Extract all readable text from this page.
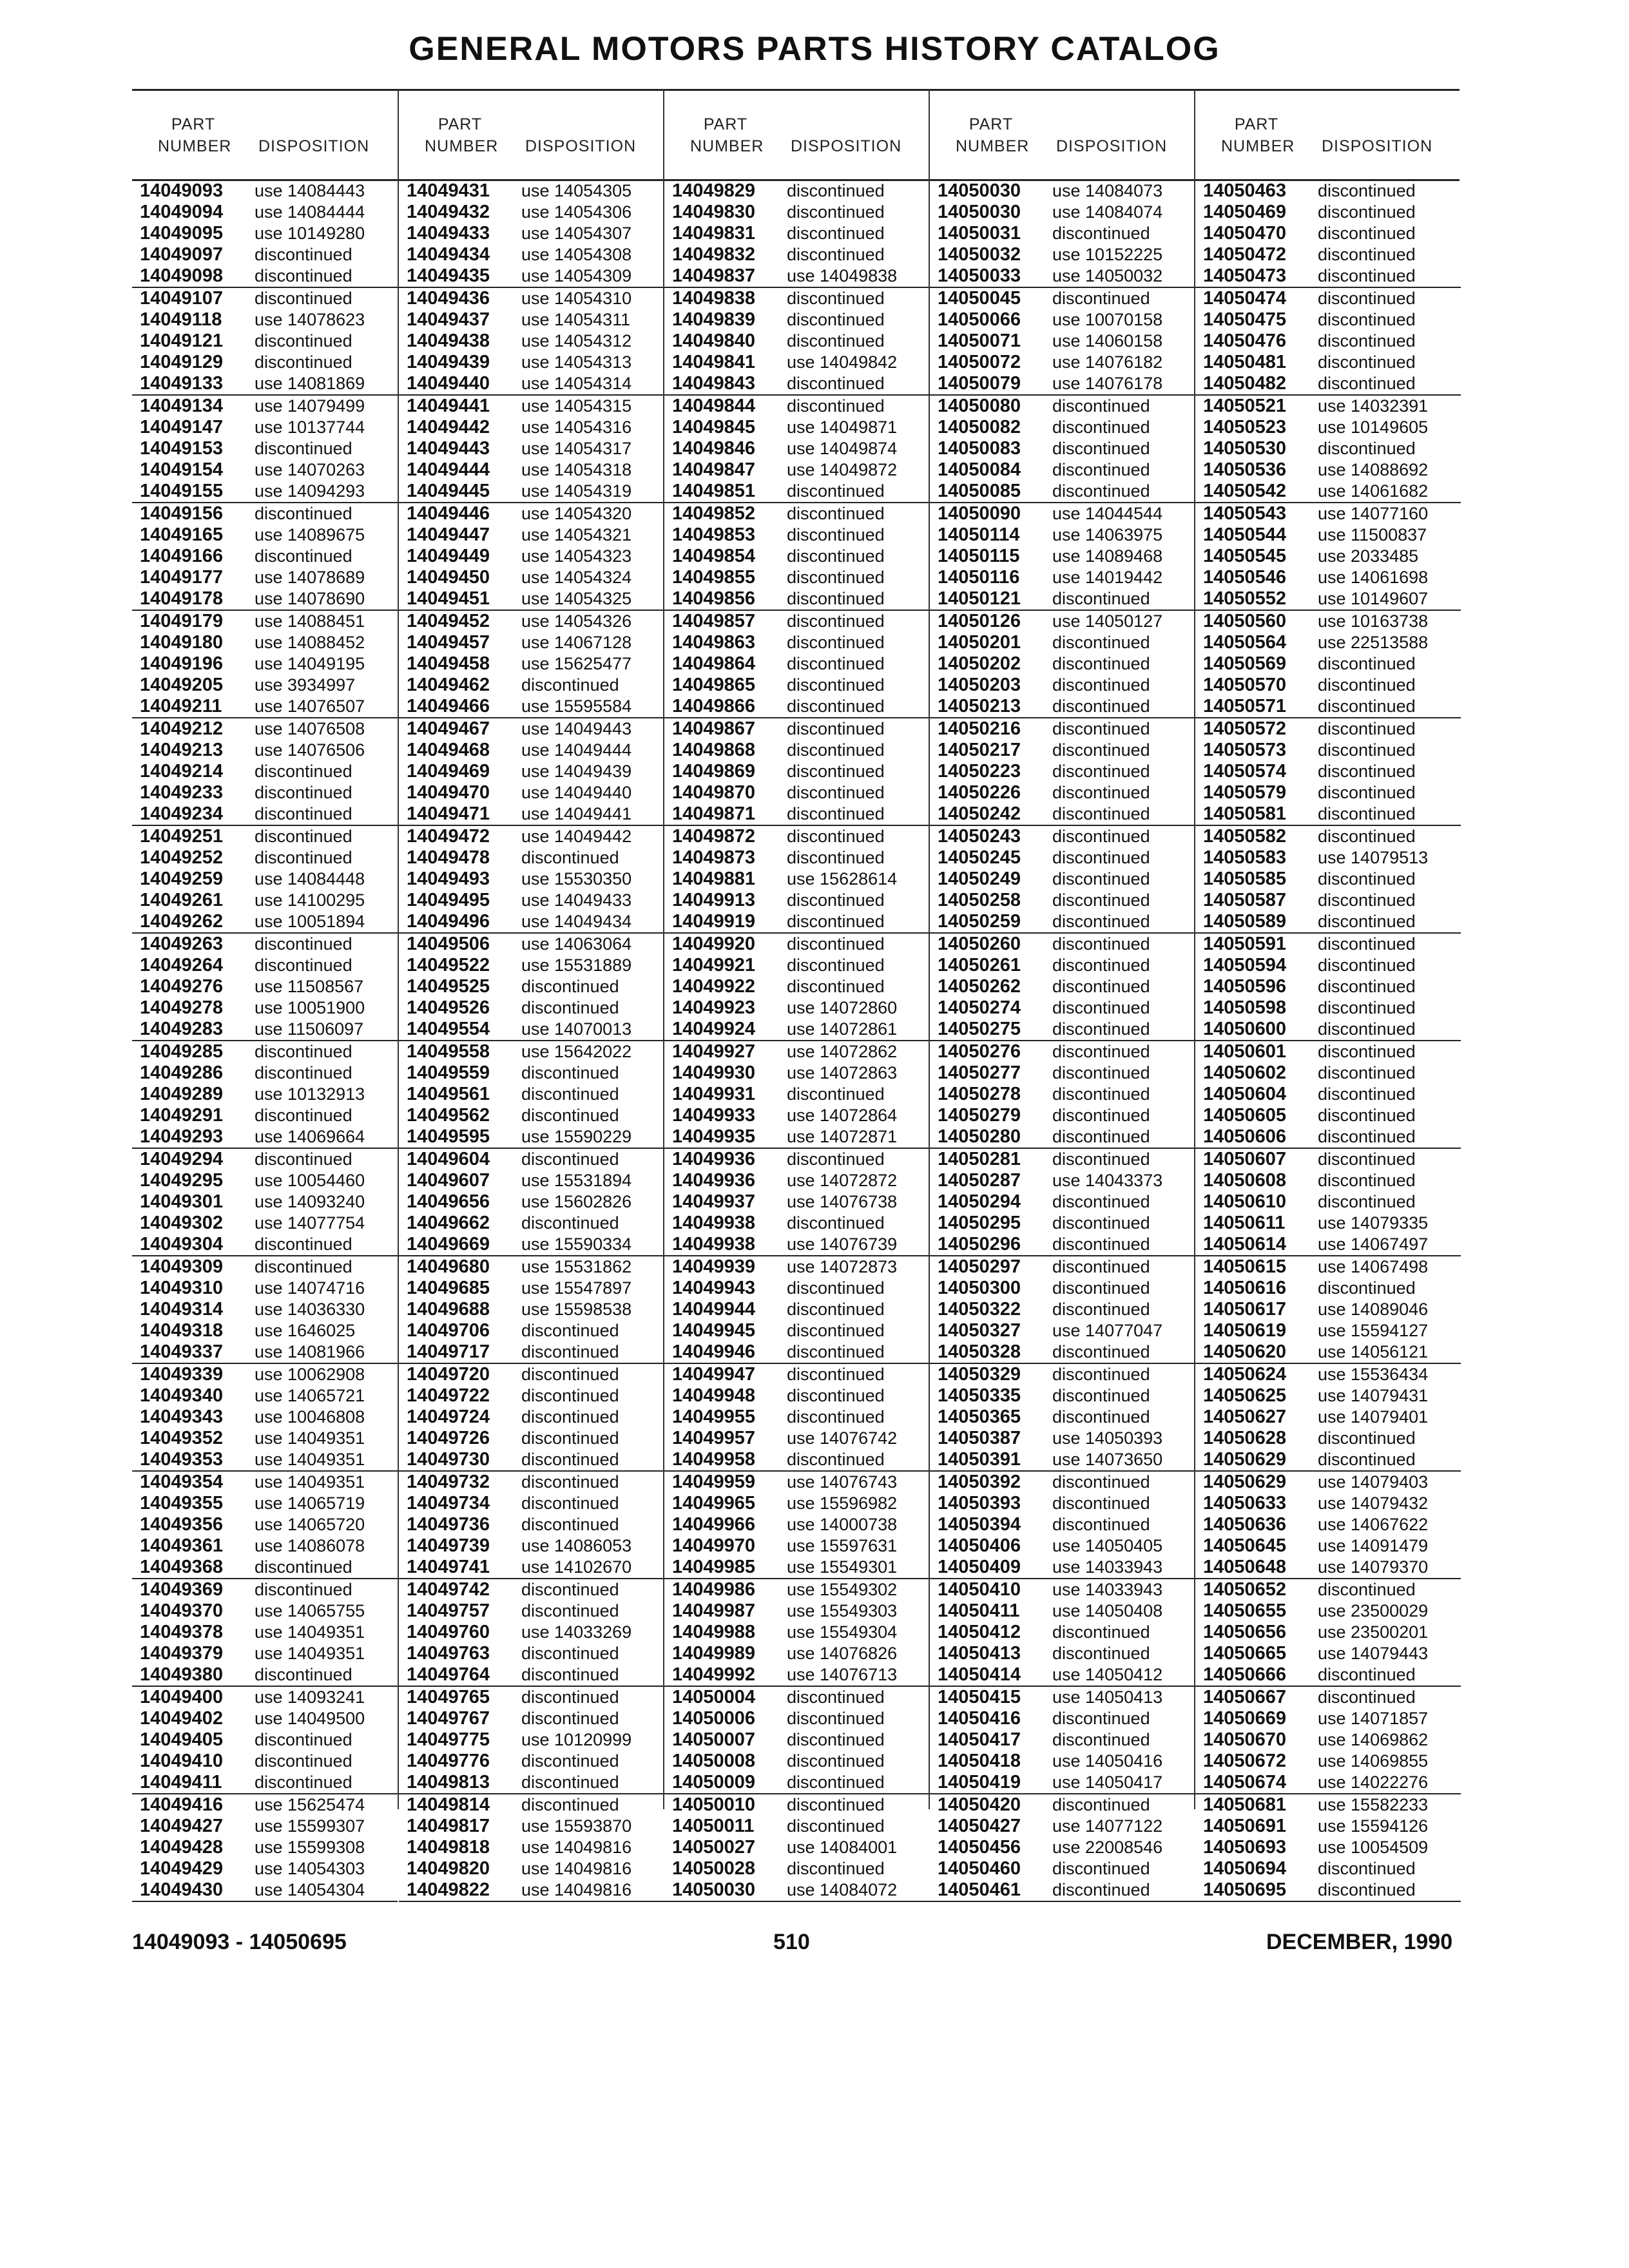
GENERAL MOTORS PARTS HISTORY CATALOG
PART
NUMBER DISPOSITION
14049093 use 14084443
14049094 use 14084444
14049095 use 10149280
14049097 discontinued
14049098 discontinued
14049107 discontinued
14049118 use 14078623
14049121 discontinued
14049129 discontinued
14049133 use 14081869
14049134 use 14079499
14049147 use 10137744
14049153 discontinued
14049154 use 14070263
14049155 use 14094293
14049156 discontinued
14049165 use 14089675
14049166 discontinued
14049177 use 14078689
14049178 use 14078690
14049179 use 14088451
14049180 use 14088452
14049196 use 14049195
14049205 use 3934997
14049211 use 14076507
14049212 use 14076508
14049213 use 14076506
14049214 discontinued
14049233 discontinued
14049234 discontinued
14049251 discontinued
14049252 discontinued
14049259 use 14084448
14049261 use 14100295
14049262 use 10051894
14049263 discontinued
14049264 discontinued
14049276 use 11508567
14049278 use 10051900
14049283 use 11506097
14049285 discontinued
14049286 discontinued
14049289 use 10132913
14049291 discontinued
14049293 use 14069664
14049294 discontinued
14049295 use 10054460
14049301 use 14093240
14049302 use 14077754
14049304 discontinued
14049309 discontinued
14049310 use 14074716
14049314 use 14036330
14049318 use 1646025
14049337 use 14081966
14049339 use 10062908
14049340 use 14065721
14049343 use 10046808
14049352 use 14049351
14049353 use 14049351
14049354 use 14049351
14049355 use 14065719
14049356 use 14065720
14049361 use 14086078
14049368 discontinued
14049369 discontinued
14049370 use 14065755
14049378 use 14049351
14049379 use 14049351
14049380 discontinued
14049400 use 14093241
14049402 use 14049500
14049405 discontinued
14049410 discontinued
14049411 discontinued
14049416 use 15625474
14049427 use 15599307
14049428 use 15599308
14049429 use 14054303
14049430 use 14054304
PART
NUMBER DISPOSITION
14049431 use 14054305
14049432 use 14054306
14049433 use 14054307
14049434 use 14054308
14049435 use 14054309
14049436 use 14054310
14049437 use 14054311
14049438 use 14054312
14049439 use 14054313
14049440 use 14054314
14049441 use 14054315
14049442 use 14054316
14049443 use 14054317
14049444 use 14054318
14049445 use 14054319
14049446 use 14054320
14049447 use 14054321
14049449 use 14054323
14049450 use 14054324
14049451 use 14054325
14049452 use 14054326
14049457 use 14067128
14049458 use 15625477
14049462 discontinued
14049466 use 15595584
14049467 use 14049443
14049468 use 14049444
14049469 use 14049439
14049470 use 14049440
14049471 use 14049441
14049472 use 14049442
14049478 discontinued
14049493 use 15530350
14049495 use 14049433
14049496 use 14049434
14049506 use 14063064
14049522 use 15531889
14049525 discontinued
14049526 discontinued
14049554 use 14070013
14049558 use 15642022
14049559 discontinued
14049561 discontinued
14049562 discontinued
14049595 use 15590229
14049604 discontinued
14049607 use 15531894
14049656 use 15602826
14049662 discontinued
14049669 use 15590334
14049680 use 15531862
14049685 use 15547897
14049688 use 15598538
14049706 discontinued
14049717 discontinued
14049720 discontinued
14049722 discontinued
14049724 discontinued
14049726 discontinued
14049730 discontinued
14049732 discontinued
14049734 discontinued
14049736 discontinued
14049739 use 14086053
14049741 use 14102670
14049742 discontinued
14049757 discontinued
14049760 use 14033269
14049763 discontinued
14049764 discontinued
14049765 discontinued
14049767 discontinued
14049775 use 10120999
14049776 discontinued
14049813 discontinued
14049814 discontinued
14049817 use 15593870
14049818 use 14049816
14049820 use 14049816
14049822 use 14049816
PART
NUMBER DISPOSITION
14049829 discontinued
14049830 discontinued
14049831 discontinued
14049832 discontinued
14049837 use 14049838
14049838 discontinued
14049839 discontinued
14049840 discontinued
14049841 use 14049842
14049843 discontinued
14049844 discontinued
14049845 use 14049871
14049846 use 14049874
14049847 use 14049872
14049851 discontinued
14049852 discontinued
14049853 discontinued
14049854 discontinued
14049855 discontinued
14049856 discontinued
14049857 discontinued
14049863 discontinued
14049864 discontinued
14049865 discontinued
14049866 discontinued
14049867 discontinued
14049868 discontinued
14049869 discontinued
14049870 discontinued
14049871 discontinued
14049872 discontinued
14049873 discontinued
14049881 use 15628614
14049913 discontinued
14049919 discontinued
14049920 discontinued
14049921 discontinued
14049922 discontinued
14049923 use 14072860
14049924 use 14072861
14049927 use 14072862
14049930 use 14072863
14049931 discontinued
14049933 use 14072864
14049935 use 14072871
14049936 discontinued
14049936 use 14072872
14049937 use 14076738
14049938 discontinued
14049938 use 14076739
14049939 use 14072873
14049943 discontinued
14049944 discontinued
14049945 discontinued
14049946 discontinued
14049947 discontinued
14049948 discontinued
14049955 discontinued
14049957 use 14076742
14049958 discontinued
14049959 use 14076743
14049965 use 15596982
14049966 use 14000738
14049970 use 15597631
14049985 use 15549301
14049986 use 15549302
14049987 use 15549303
14049988 use 15549304
14049989 use 14076826
14049992 use 14076713
14050004 discontinued
14050006 discontinued
14050007 discontinued
14050008 discontinued
14050009 discontinued
14050010 discontinued
14050011 discontinued
14050027 use 14084001
14050028 discontinued
14050030 use 14084072
PART
NUMBER DISPOSITION
14050030 use 14084073
14050030 use 14084074
14050031 discontinued
14050032 use 10152225
14050033 use 14050032
14050045 discontinued
14050066 use 10070158
14050071 use 14060158
14050072 use 14076182
14050079 use 14076178
14050080 discontinued
14050082 discontinued
14050083 discontinued
14050084 discontinued
14050085 discontinued
14050090 use 14044544
14050114 use 14063975
14050115 use 14089468
14050116 use 14019442
14050121 discontinued
14050126 use 14050127
14050201 discontinued
14050202 discontinued
14050203 discontinued
14050213 discontinued
14050216 discontinued
14050217 discontinued
14050223 discontinued
14050226 discontinued
14050242 discontinued
14050243 discontinued
14050245 discontinued
14050249 discontinued
14050258 discontinued
14050259 discontinued
14050260 discontinued
14050261 discontinued
14050262 discontinued
14050274 discontinued
14050275 discontinued
14050276 discontinued
14050277 discontinued
14050278 discontinued
14050279 discontinued
14050280 discontinued
14050281 discontinued
14050287 use 14043373
14050294 discontinued
14050295 discontinued
14050296 discontinued
14050297 discontinued
14050300 discontinued
14050322 discontinued
14050327 use 14077047
14050328 discontinued
14050329 discontinued
14050335 discontinued
14050365 discontinued
14050387 use 14050393
14050391 use 14073650
14050392 discontinued
14050393 discontinued
14050394 discontinued
14050406 use 14050405
14050409 use 14033943
14050410 use 14033943
14050411 use 14050408
14050412 discontinued
14050413 discontinued
14050414 use 14050412
14050415 use 14050413
14050416 discontinued
14050417 discontinued
14050418 use 14050416
14050419 use 14050417
14050420 discontinued
14050427 use 14077122
14050456 use 22008546
14050460 discontinued
14050461 discontinued
PART
NUMBER DISPOSITION
14050463 discontinued
14050469 discontinued
14050470 discontinued
14050472 discontinued
14050473 discontinued
14050474 discontinued
14050475 discontinued
14050476 discontinued
14050481 discontinued
14050482 discontinued
14050521 use 14032391
14050523 use 10149605
14050530 discontinued
14050536 use 14088692
14050542 use 14061682
14050543 use 14077160
14050544 use 11500837
14050545 use 2033485
14050546 use 14061698
14050552 use 10149607
14050560 use 10163738
14050564 use 22513588
14050569 discontinued
14050570 discontinued
14050571 discontinued
14050572 discontinued
14050573 discontinued
14050574 discontinued
14050579 discontinued
14050581 discontinued
14050582 discontinued
14050583 use 14079513
14050585 discontinued
14050587 discontinued
14050589 discontinued
14050591 discontinued
14050594 discontinued
14050596 discontinued
14050598 discontinued
14050600 discontinued
14050601 discontinued
14050602 discontinued
14050604 discontinued
14050605 discontinued
14050606 discontinued
14050607 discontinued
14050608 discontinued
14050610 discontinued
14050611 use 14079335
14050614 use 14067497
14050615 use 14067498
14050616 discontinued
14050617 use 14089046
14050619 use 15594127
14050620 use 14056121
14050624 use 15536434
14050625 use 14079431
14050627 use 14079401
14050628 discontinued
14050629 discontinued
14050629 use 14079403
14050633 use 14079432
14050636 use 14067622
14050645 use 14091479
14050648 use 14079370
14050652 discontinued
14050655 use 23500029
14050656 use 23500201
14050665 use 14079443
14050666 discontinued
14050667 discontinued
14050669 use 14071857
14050670 use 14069862
14050672 use 14069855
14050674 use 14022276
14050681 use 15582233
14050691 use 15594126
14050693 use 10054509
14050694 discontinued
14050695 discontinued
14049093 - 14050695	510	DECEMBER, 1990
